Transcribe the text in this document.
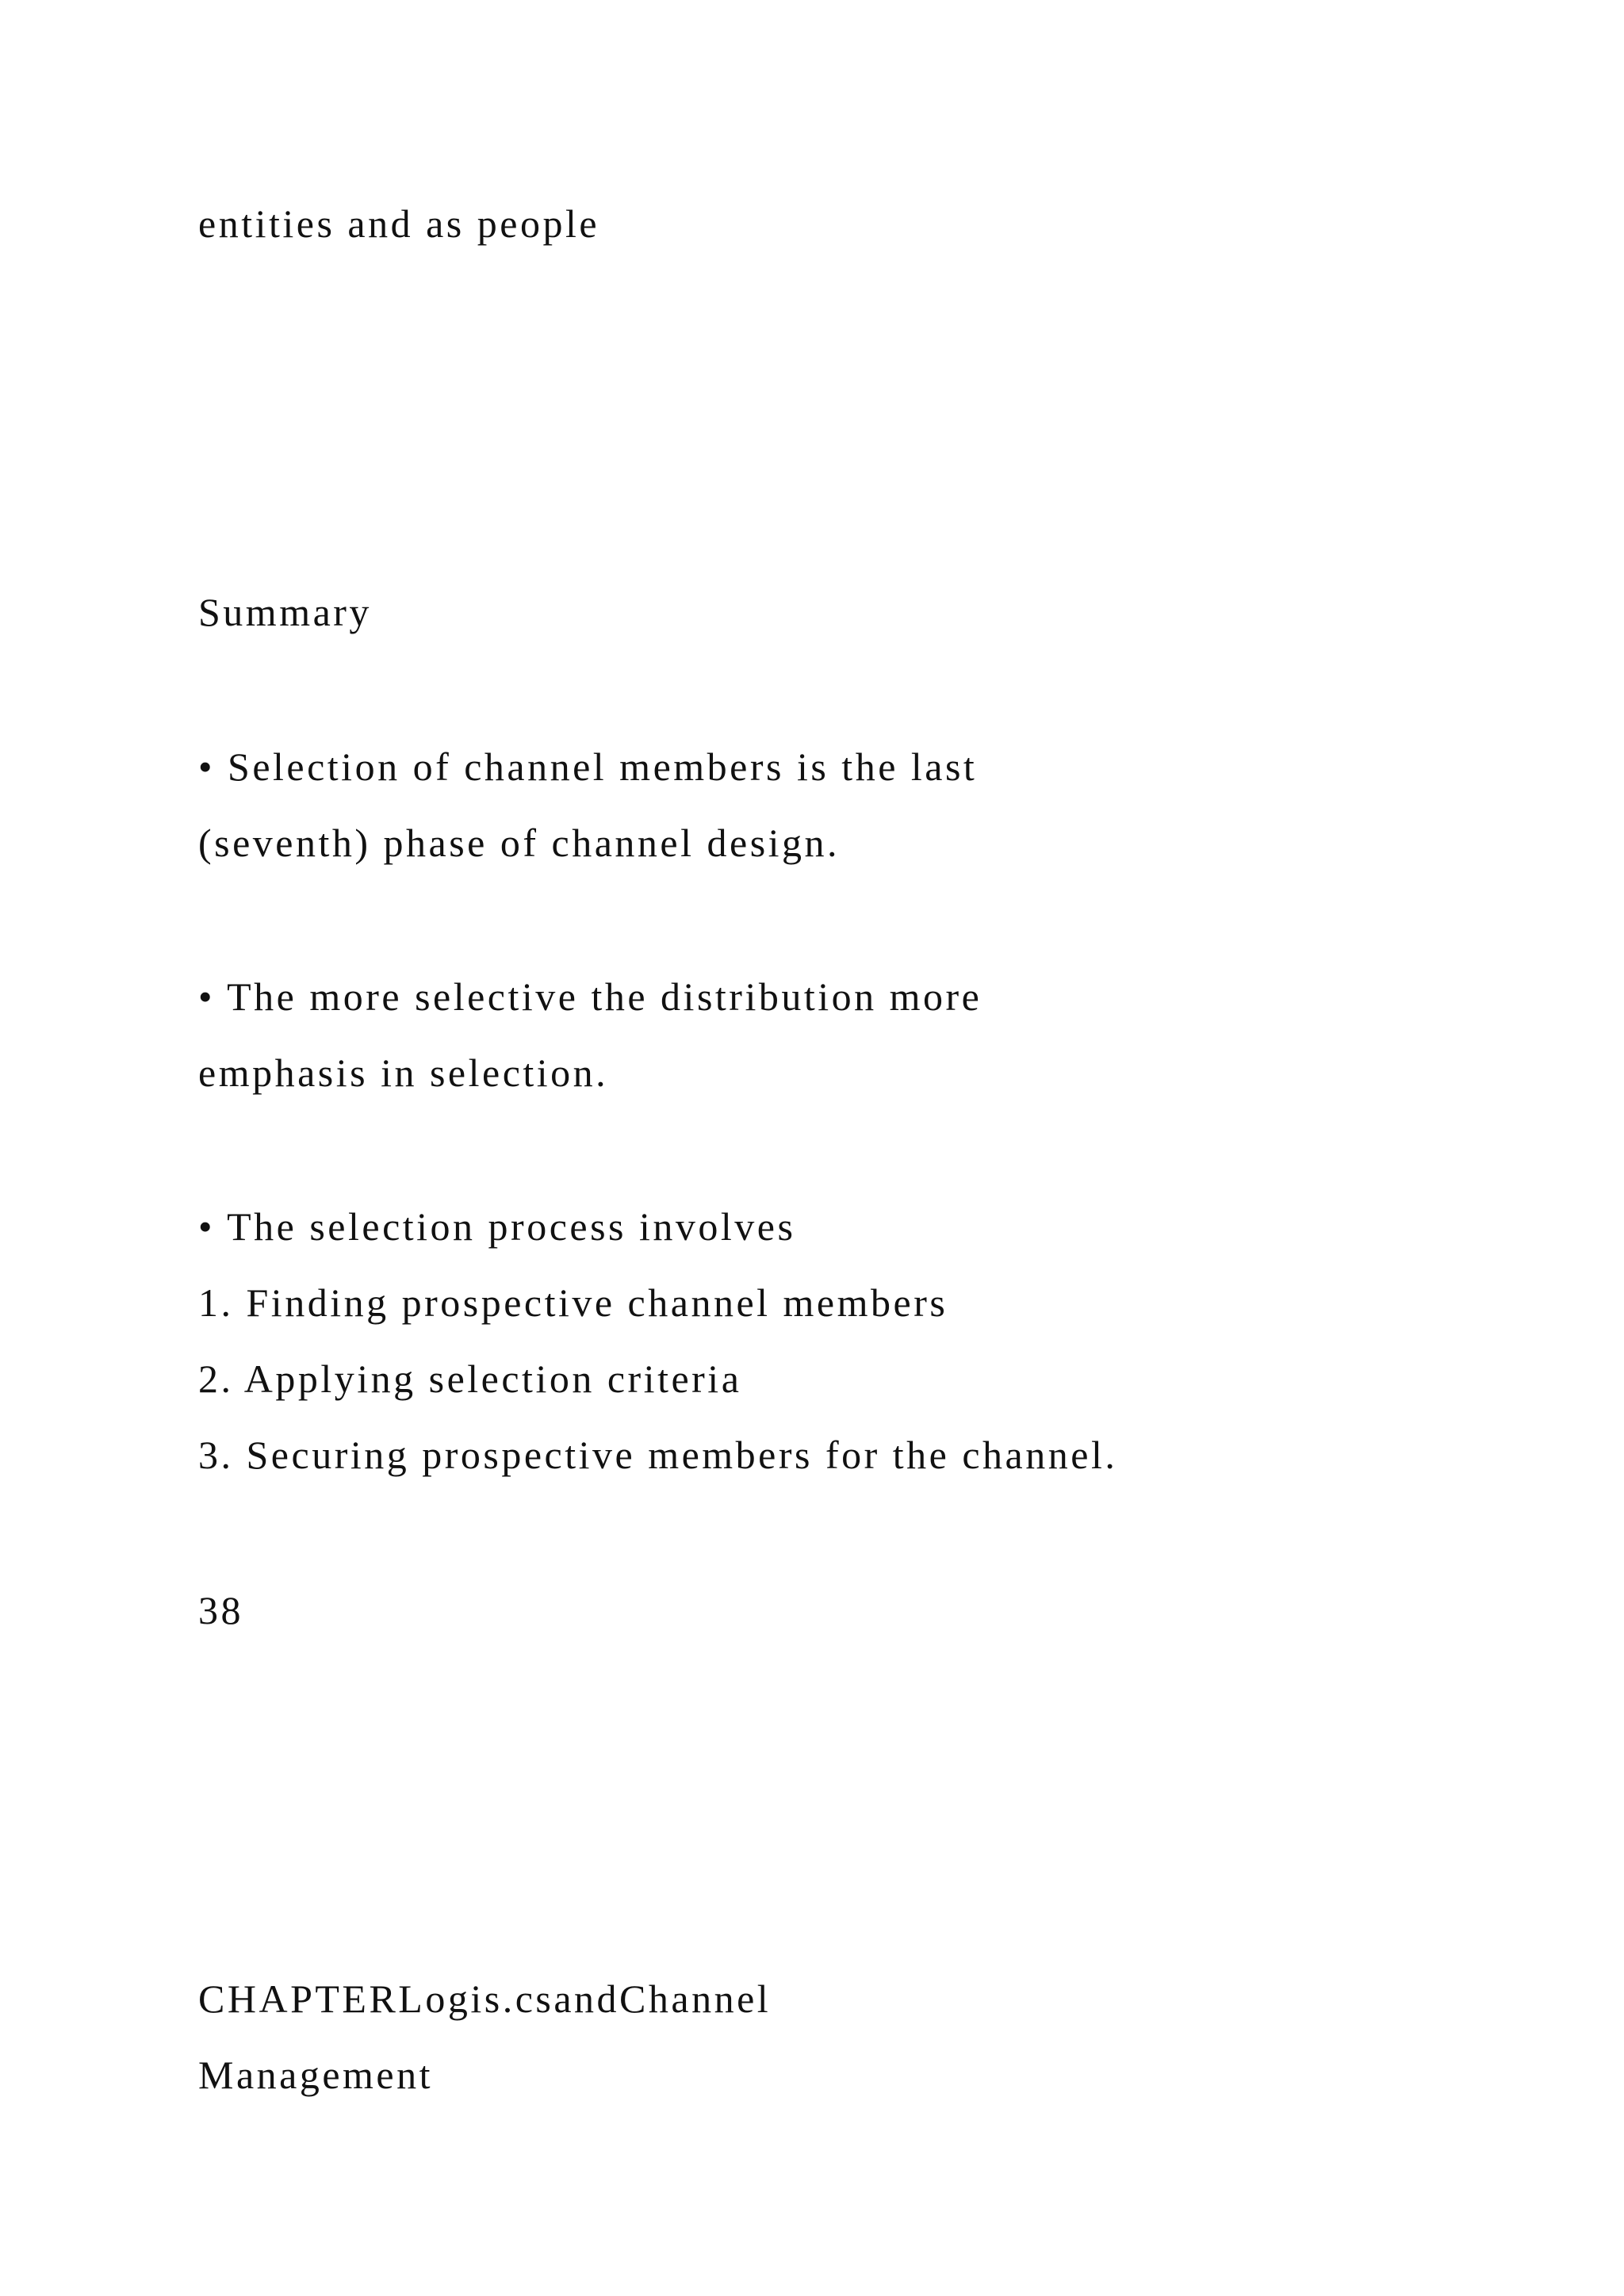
entities and as people
Summary
• Selection of channel members is the last
(seventh) phase of channel design.
• The more selective the distribution more
emphasis in selection.
• The selection process involves
1. Finding prospective channel members
2. Applying selection criteria
3. Securing prospective members for the channel.
38
CHAPTERLogis.csandChannel
Management
